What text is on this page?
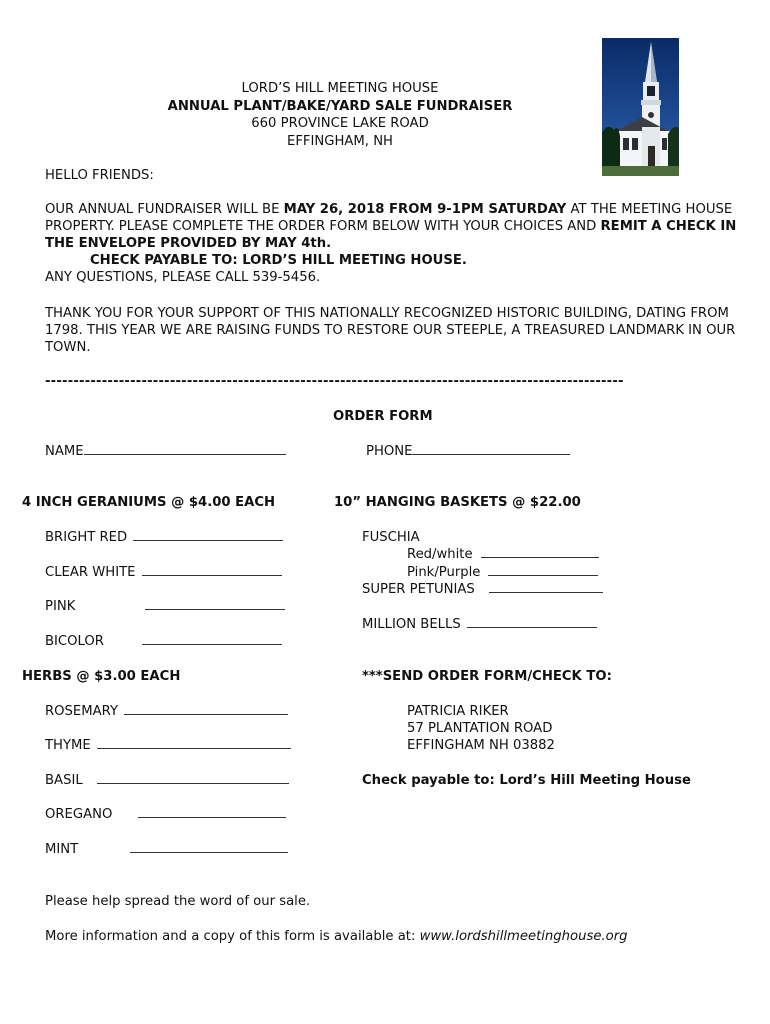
LORD’S HILL MEETING HOUSE
ANNUAL PLANT/BAKE/YARD SALE FUNDRAISER
660 PROVINCE LAKE ROAD
EFFINGHAM, NH
HELLO FRIENDS:
OUR ANNUAL FUNDRAISER WILL BE MAY 26, 2018 FROM 9-1PM SATURDAY AT THE MEETING HOUSE PROPERTY. PLEASE COMPLETE THE ORDER FORM BELOW WITH YOUR CHOICES AND REMIT A CHECK IN THE ENVELOPE PROVIDED BY MAY 4th.
CHECK PAYABLE TO: LORD’S HILL MEETING HOUSE.
ANY QUESTIONS, PLEASE CALL 539-5456.
THANK YOU FOR YOUR SUPPORT OF THIS NATIONALLY RECOGNIZED HISTORIC BUILDING, DATING FROM 1798. THIS YEAR WE ARE RAISING FUNDS TO RESTORE OUR STEEPLE, A TREASURED LANDMARK IN OUR TOWN.
------------------------------------------------------------------------------------------------------
ORDER FORM
NAME	PHONE
4 INCH GERANIUMS @ $4.00 EACH
BRIGHT RED
CLEAR WHITE
PINK
BICOLOR
10” HANGING BASKETS @ $22.00
FUSCHIA
Red/white
Pink/Purple
SUPER PETUNIAS
MILLION BELLS
HERBS @ $3.00 EACH
ROSEMARY
THYME
BASIL
OREGANO
MINT
***SEND ORDER FORM/CHECK TO:
PATRICIA RIKER
57 PLANTATION ROAD
EFFINGHAM NH 03882
Check payable to: Lord’s Hill Meeting House
Please help spread the word of our sale.
More information and a copy of this form is available at: www.lordshillmeetinghouse.org
